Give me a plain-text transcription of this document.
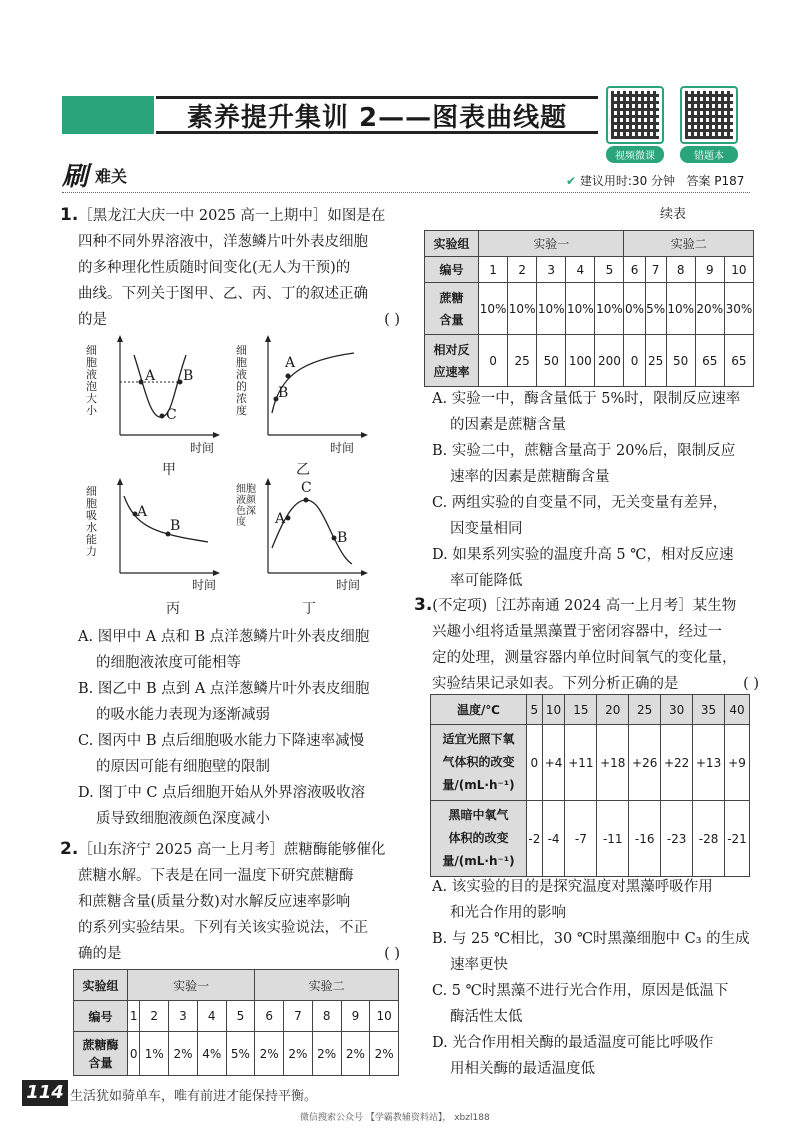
素养提升集训 2——图表曲线题
视频微课	错题本
刷 难关	✔ 建议用时:30 分钟 答案 P187
1.［黑龙江大庆一中 2025 高一上期中］如图是在
四种不同外界溶液中，洋葱鳞片叶外表皮细胞
的多种理化性质随时间变化(无人为干预)的
曲线。下列关于图甲、乙、丙、丁的叙述正确
的是	( )
A B
C
细胞液泡大小
时间
甲
A
B
细胞液的浓度
时间
乙
A
B
细胞吸水能力
时间
丙
A
C
B
细胞液颜色深度
时间
丁
A. 图甲中 A 点和 B 点洋葱鳞片叶外表皮细胞
的细胞液浓度可能相等
B. 图乙中 B 点到 A 点洋葱鳞片叶外表皮细胞
的吸水能力表现为逐渐减弱
C. 图丙中 B 点后细胞吸水能力下降速率减慢
的原因可能有细胞壁的限制
D. 图丁中 C 点后细胞开始从外界溶液吸收溶
质导致细胞液颜色深度减小
2.［山东济宁 2025 高一上月考］蔗糖酶能够催化
蔗糖水解。下表是在同一温度下研究蔗糖酶
和蔗糖含量(质量分数)对水解反应速率影响
的系列实验结果。下列有关该实验说法，不正
确的是	( )
实验组	实验一					实验二				
编号	1	2	3	4	5	6	7	8	9	10

蔗糖酶
含量	0	1%	2%	4%	5%	2%	2%	2%	2%	2%
续表
实验组	实验一					实验二				
编号	1	2	3	4	5	6	7	8	9	10

蔗糖
含量	10%	10%	10%	10%	10%	0%	5%	10%	20%	30%

相对反
应速率	0	25	50	100	200	0	25	50	65	65
A. 实验一中，酶含量低于 5%时，限制反应速率
的因素是蔗糖含量
B. 实验二中，蔗糖含量高于 20%后，限制反应
速率的因素是蔗糖酶含量
C. 两组实验的自变量不同，无关变量有差异，
因变量相同
D. 如果系列实验的温度升高 5 ℃，相对反应速
率可能降低
3.(不定项)［江苏南通 2024 高一上月考］某生物
兴趣小组将适量黑藻置于密闭容器中，经过一
定的处理，测量容器内单位时间氧气的变化量，
实验结果记录如表。下列分析正确的是	( )
温度/℃	5	10	15	20	25	30	35	40

适宜光照下氧
气体积的改变
量/(mL·h⁻¹)	0	+4	+11	+18	+26	+22	+13	+9

黑暗中氧气
体积的改变
量/(mL·h⁻¹)	-2	-4	-7	-11	-16	-23	-28	-21
A. 该实验的目的是探究温度对黑藻呼吸作用
和光合作用的影响
B. 与 25 ℃相比，30 ℃时黑藻细胞中 C₃ 的生成
速率更快
C. 5 ℃时黑藻不进行光合作用，原因是低温下
酶活性太低
D. 光合作用相关酶的最适温度可能比呼吸作
用相关酶的最适温度低
114 生活犹如骑单车，唯有前进才能保持平衡。
微信搜索公众号 【学霸教辅资料站】， xbzl188
